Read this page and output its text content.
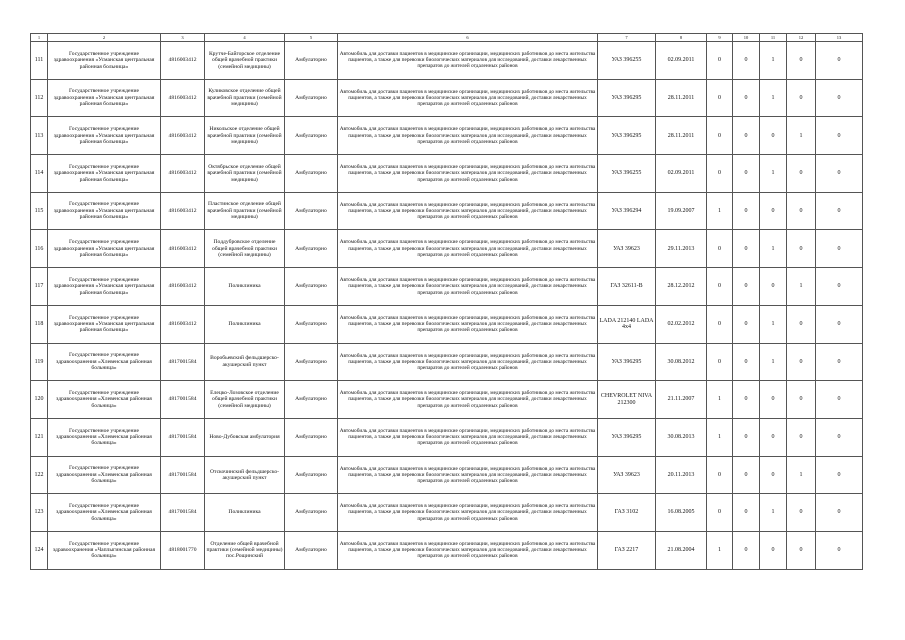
1	2	3	4	5	6	7	8	9	10	11	12	13
111	Государственное учреждение здравоохранения «Усманская центральная районная больница»	4816003412	Крутче-Байгорское отделение общей врачебной практики (семейной медицины)	Амбулаторно	Автомобиль для доставки пациентов в медицинские организации, медицинских работников до места жительства пациентов, а также для перевозки биологических материалов для исследований, доставки лекарственных препаратов до жителей отдаленных районов	УАЗ 396255	02.09.2011	0	0	1	0	0
112	Государственное учреждение здравоохранения «Усманская центральная районная больница»	4816003412	Куликовское отделение общей врачебной практики (семейной медицины)	Амбулаторно	Автомобиль для доставки пациентов в медицинские организации, медицинских работников до места жительства пациентов, а также для перевозки биологических материалов для исследований, доставки лекарственных препаратов до жителей отдаленных районов	УАЗ 396295	28.11.2011	0	0	1	0	0
113	Государственное учреждение здравоохранения «Усманская центральная районная больница»	4816003412	Никольское отделение общей врачебной практики (семейной медицины)	Амбулаторно	Автомобиль для доставки пациентов в медицинские организации, медицинских работников до места жительства пациентов, а также для перевозки биологических материалов для исследований, доставки лекарственных препаратов до жителей отдаленных районов	УАЗ 396295	28.11.2011	0	0	0	1	0
114	Государственное учреждение здравоохранения «Усманская центральная районная больница»	4816003412	Октябрьское отделение общей врачебной практики (семейной медицины)	Амбулаторно	Автомобиль для доставки пациентов в медицинские организации, медицинских работников до места жительства пациентов, а также для перевозки биологических материалов для исследований, доставки лекарственных препаратов до жителей отдаленных районов	УАЗ 396255	02.09.2011	0	0	1	0	0
115	Государственное учреждение здравоохранения «Усманская центральная районная больница»	4816003412	Пластинское отделение общей врачебной практики (семейной медицины)	Амбулаторно	Автомобиль для доставки пациентов в медицинские организации, медицинских работников до места жительства пациентов, а также для перевозки биологических материалов для исследований, доставки лекарственных препаратов до жителей отдаленных районов	УАЗ 396294	19.09.2007	1	0	0	0	0
116	Государственное учреждение здравоохранения «Усманская центральная районная больница»	4816003412	Поддубровское отделение общей врачебной практики (семейной медицины)	Амбулаторно	Автомобиль для доставки пациентов в медицинские организации, медицинских работников до места жительства пациентов, а также для перевозки биологических материалов для исследований, доставки лекарственных препаратов до жителей отдаленных районов	УАЗ 39623	29.11.2013	0	0	1	0	0
117	Государственное учреждение здравоохранения «Усманская центральная районная больница»	4816003412	Поликлиника	Амбулаторно	Автомобиль для доставки пациентов в медицинские организации, медицинских работников до места жительства пациентов, а также для перевозки биологических материалов для исследований, доставки лекарственных препаратов до жителей отдаленных районов	ГАЗ 32611-В	28.12.2012	0	0	0	1	0
118	Государственное учреждение здравоохранения «Усманская центральная районная больница»	4816003412	Поликлиника	Амбулаторно	Автомобиль для доставки пациентов в медицинские организации, медицинских работников до места жительства пациентов, а также для перевозки биологических материалов для исследований, доставки лекарственных препаратов до жителей отдаленных районов	LADA 212140 LADA 4x4	02.02.2012	0	0	1	0	0
119	Государственное учреждение здравоохранения «Хлевенская районная больница»	4817001584	Воробьевский фельдшерско-акушерский пункт	Амбулаторно	Автомобиль для доставки пациентов в медицинские организации, медицинских работников до места жительства пациентов, а также для перевозки биологических материалов для исследований, доставки лекарственных препаратов до жителей отдаленных районов	УАЗ 396295	30.08.2012	0	0	1	0	0
120	Государственное учреждение здравоохранения «Хлевенская районная больница»	4817001584	Елецко-Лозовское отделение общей врачебной практики (семейной медицины)	Амбулаторно	Автомобиль для доставки пациентов в медицинские организации, медицинских работников до места жительства пациентов, а также для перевозки биологических материалов для исследований, доставки лекарственных препаратов до жителей отдаленных районов	CHEVROLET NIVA 212300	21.11.2007	1	0	0	0	0
121	Государственное учреждение здравоохранения «Хлевенская районная больница»	4817001584	Ново-Дубовская амбулатория	Амбулаторно	Автомобиль для доставки пациентов в медицинские организации, медицинских работников до места жительства пациентов, а также для перевозки биологических материалов для исследований, доставки лекарственных препаратов до жителей отдаленных районов	УАЗ 396295	30.08.2013	1	0	0	0	0
122	Государственное учреждение здравоохранения «Хлевенская районная больница»	4817001584	Отскочинский фельдшерско-акушерский пункт	Амбулаторно	Автомобиль для доставки пациентов в медицинские организации, медицинских работников до места жительства пациентов, а также для перевозки биологических материалов для исследований, доставки лекарственных препаратов до жителей отдаленных районов	УАЗ 39623	20.11.2013	0	0	0	1	0
123	Государственное учреждение здравоохранения «Хлевенская районная больница»	4817001584	Поликлиника	Амбулаторно	Автомобиль для доставки пациентов в медицинские организации, медицинских работников до места жительства пациентов, а также для перевозки биологических материалов для исследований, доставки лекарственных препаратов до жителей отдаленных районов	ГАЗ 3102	16.08.2005	0	0	1	0	0
124	Государственное учреждение здравоохранения «Чаплыгинская районная больница»	4818001770	Отделение общей врачебной практики (семейной медицины) пос.Рощинский	Амбулаторно	Автомобиль для доставки пациентов в медицинские организации, медицинских работников до места жительства пациентов, а также для перевозки биологических материалов для исследований, доставки лекарственных препаратов до жителей отдаленных районов	ГАЗ 2217	21.08.2004	1	0	0	0	0
